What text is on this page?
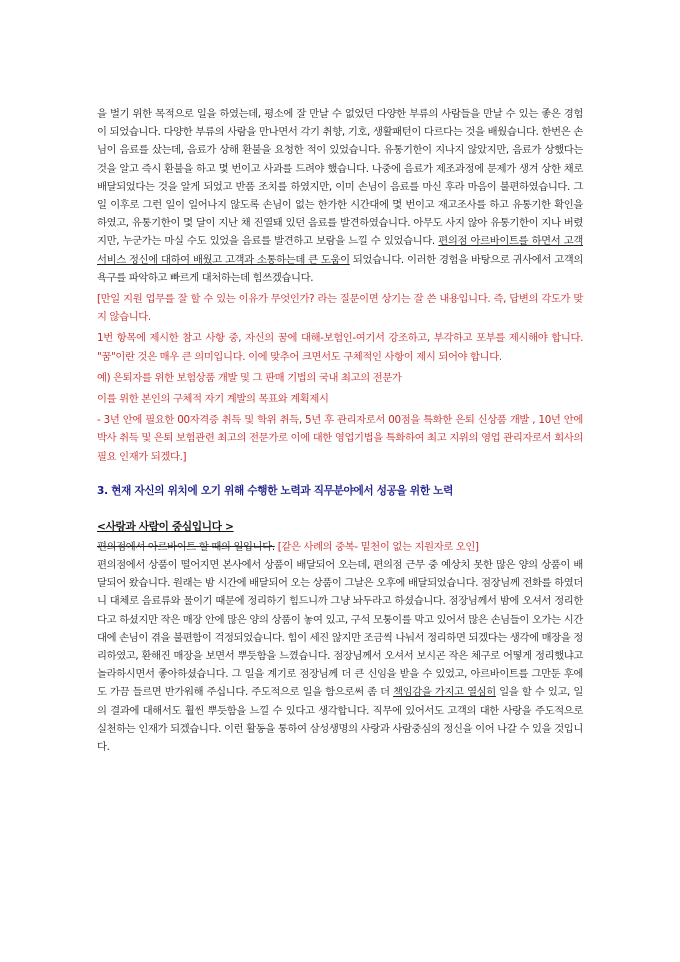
을 벌기 위한 목적으로 일을 하였는데, 평소에 잘 만날 수 없었던 다양한 부류의 사람들을 만날 수 있는 좋은 경험이 되었습니다. 다양한 부류의 사람을 만나면서 각기 취향, 기호, 생활패턴이 다르다는 것을 배웠습니다. 한번은 손님이 음료를 샀는데, 음료가 상해 환불을 요청한 적이 있었습니다. 유통기한이 지나지 않았지만, 음료가 상했다는 것을 알고 즉시 환불을 하고 몇 번이고 사과를 드려야 했습니다. 나중에 음료가 제조과정에 문제가 생겨 상한 채로 배달되었다는 것을 알게 되었고 반품 조치를 하였지만, 이미 손님이 음료를 마신 후라 마음이 불편하였습니다. 그 일 이후로 그런 일이 일어나지 않도록 손님이 없는 한가한 시간대에 몇 번이고 재고조사를 하고 유통기한 확인을 하였고, 유통기한이 몇 달이 지난 채 진열돼 있던 음료를 발견하였습니다. 아무도 사지 않아 유통기한이 지나 버렸지만, 누군가는 마실 수도 있었을 음료를 발견하고 보람을 느낄 수 있었습니다. 편의점 아르바이트를 하면서 고객 서비스 정신에 대하여 배웠고 고객과 소통하는데 큰 도움이 되었습니다. 이러한 경험을 바탕으로 귀사에서 고객의 욕구를 파악하고 빠르게 대처하는데 힘쓰겠습니다.

[만일 지원 업무를 잘 할 수 있는 이유가 무엇인가? 라는 질문이면 상기는 잘 쓴 내용입니다. 즉, 답변의 각도가 맞지 않습니다.

1번 항목에 제시한 참고 사항 중, 자신의 꿈에 대해-보험인-여기서 강조하고, 부각하고 포부를 제시해야 합니다. "꿈"이란 것은 매우 큰 의미입니다. 이에 맞추어 크면서도 구체적인 사항이 제시 되어야 합니다.

예) 은퇴자를 위한 보험상품 개발 및 그 판매 기법의 국내 최고의 전문가

이를 위한 본인의 구체적 자기 계발의 목표와 계획제시

- 3년 안에 필요한 00자격증 취득 및 학위 취득, 5년 후 관리자로서 00점을 특화한 은퇴 신상품 개발 , 10년 안에 박사 취득 및 은퇴 보험관련 최고의 전문가로 이에 대한 영업기법을 특화하여 최고 지위의 영업 관리자로서 회사의 필요 인재가 되겠다.]

3. 현재 자신의 위치에 오기 위해 수행한 노력과 직무분야에서 성공을 위한 노력
<사랑과 사람이 중심입니다 >

편의점에서 아르바이트 할 때의 일입니다. [같은 사례의 중복- 밑천이 없는 지원자로 오인]
편의점에서 상품이 떨어지면 본사에서 상품이 배달되어 오는데, 편의점 근무 중 예상치 못한 많은 양의 상품이 배달되어 왔습니다. 원래는 밤 시간에 배달되어 오는 상품이 그날은 오후에 배달되었습니다. 점장님께 전화를 하였더니 대체로 음료류와 물이기 때문에 정리하기 힘드니까 그냥 놔두라고 하셨습니다. 점장님께서 밤에 오셔서 정리한다고 하셨지만 작은 매장 안에 많은 양의 상품이 놓여 있고, 구석 모퉁이를 막고 있어서 많은 손님들이 오가는 시간대에 손님이 겪을 불편함이 걱정되었습니다. 힘이 세진 않지만 조금씩 나눠서 정리하면 되겠다는 생각에 매장을 정리하였고, 환해진 매장을 보면서 뿌듯함을 느꼈습니다. 점장님께서 오셔서 보시곤 작은 체구로 어떻게 정리했냐고 놀라하시면서 좋아하셨습니다. 그 일을 계기로 점장님께 더 큰 신임을 받을 수 있었고, 아르바이트를 그만둔 후에도 가끔 들르면 반가워해 주십니다. 주도적으로 일을 함으로써 좀 더 책임감을 가지고 열심히 일을 할 수 있고, 일의 결과에 대해서도 훨씬 뿌듯함을 느낄 수 있다고 생각합니다. 직무에 있어서도 고객의 대한 사랑을 주도적으로 실천하는 인재가 되겠습니다. 이런 활동을 통하여 삼성생명의 사랑과 사람중심의 정신을 이어 나갈 수 있을 것입니다.
